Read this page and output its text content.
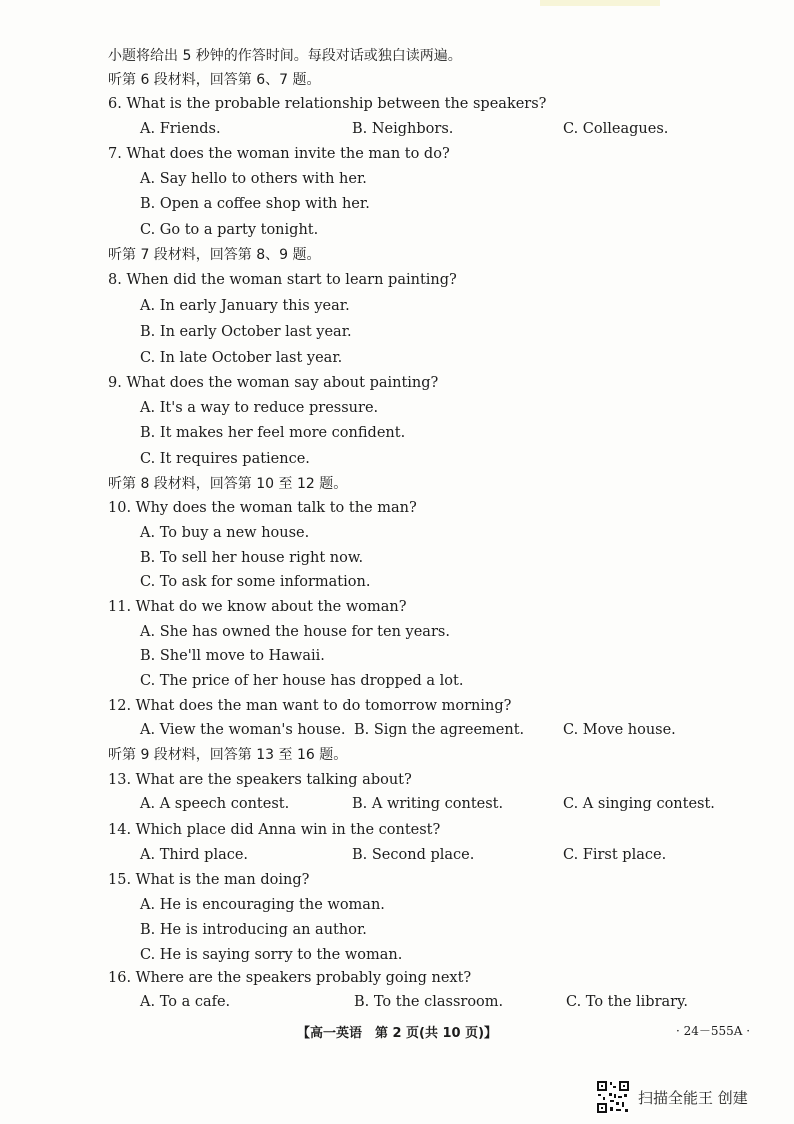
小题将给出 5 秒钟的作答时间。每段对话或独白读两遍。
听第 6 段材料，回答第 6、7 题。
6. What is the probable relationship between the speakers?
A. Friends.	B. Neighbors.	C. Colleagues.
7. What does the woman invite the man to do?
A. Say hello to others with her.
B. Open a coffee shop with her.
C. Go to a party tonight.
听第 7 段材料，回答第 8、9 题。
8. When did the woman start to learn painting?
A. In early January this year.
B. In early October last year.
C. In late October last year.
9. What does the woman say about painting?
A. It's a way to reduce pressure.
B. It makes her feel more confident.
C. It requires patience.
听第 8 段材料，回答第 10 至 12 题。
10. Why does the woman talk to the man?
A. To buy a new house.
B. To sell her house right now.
C. To ask for some information.
11. What do we know about the woman?
A. She has owned the house for ten years.
B. She'll move to Hawaii.
C. The price of her house has dropped a lot.
12. What does the man want to do tomorrow morning?
A. View the woman's house. B. Sign the agreement.	C. Move house.
听第 9 段材料，回答第 13 至 16 题。
13. What are the speakers talking about?
A. A speech contest.	B. A writing contest.	C. A singing contest.
14. Which place did Anna win in the contest?
A. Third place.	B. Second place.	C. First place.
15. What is the man doing?
A. He is encouraging the woman.
B. He is introducing an author.
C. He is saying sorry to the woman.
16. Where are the speakers probably going next?
A. To a cafe.	B. To the classroom.	C. To the library.
【高一英语　第 2 页(共 10 页)】	· 24－555A ·
扫描全能王 创建
